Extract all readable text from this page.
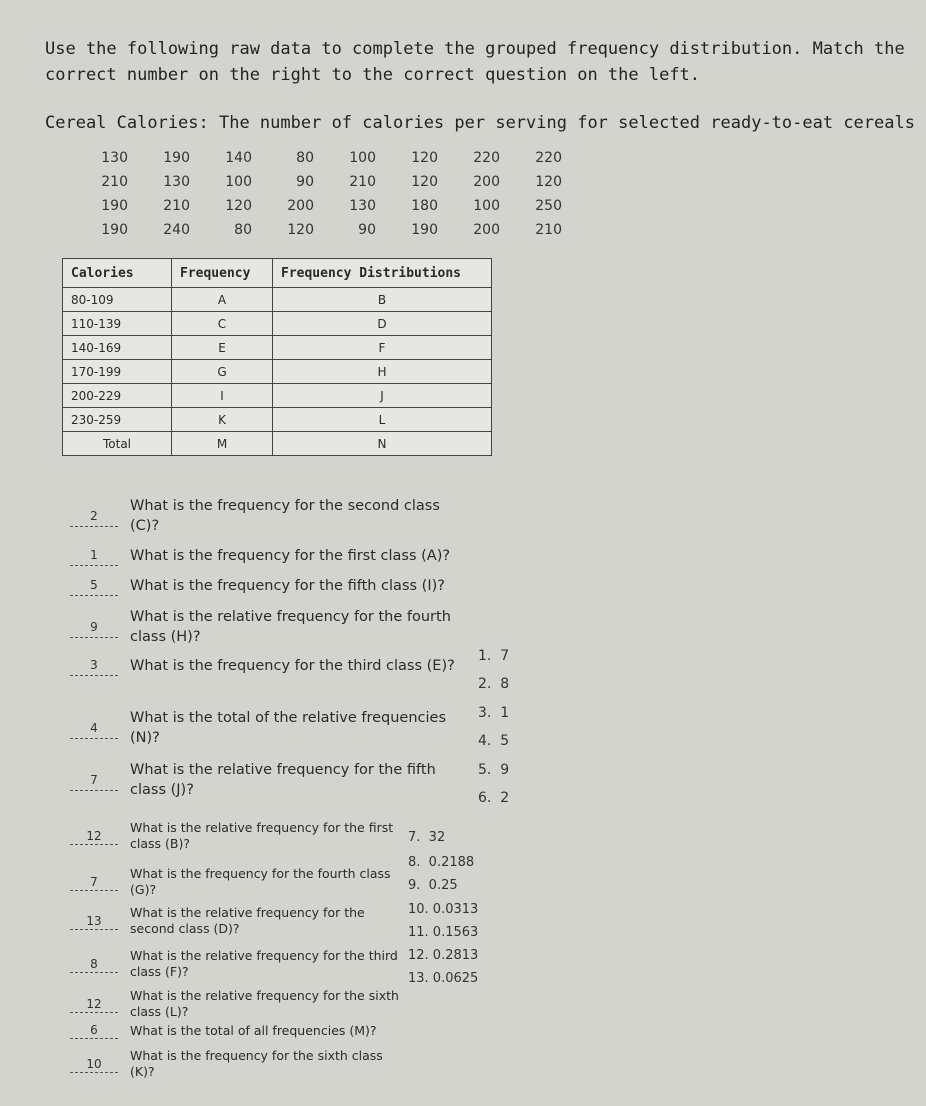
Use the following raw data to complete the grouped frequency distribution. Match the correct number on the right to the correct question on the left.
Cereal Calories: The number of calories per serving for selected ready-to-eat cereals
130	190	140	80	100	120	220	220
210	130	100	90	210	120	200	120
190	210	120	200	130	180	100	250
190	240	80	120	90	190	200	210
Calories	Frequency	Frequency Distributions
80-109	A	B
110-139	C	D
140-169	E	F
170-199	G	H
200-229	I	J
230-259	K	L
Total	M	N
2
What is the frequency for the second class (C)?
1	What is the frequency for the first class (A)?
5	What is the frequency for the fifth class (I)?
9
What is the relative frequency for the fourth class (H)?
3	What is the frequency for the third class (E)?
4
What is the total of the relative frequencies (N)?
7
What is the relative frequency for the fifth class (J)?
12
What is the relative frequency for the first class (B)?
7
What is the frequency for the fourth class (G)?
13
What is the relative frequency for the second class (D)?
8
What is the relative frequency for the third class (F)?
12
What is the relative frequency for the sixth class (L)?
6	What is the total of all frequencies (M)?
10
What is the frequency for the sixth class (K)?
1.  7
2.  8
3.  1
4.  5
5.  9
6.  2
7.  32
8.  0.2188
9.  0.25
10. 0.0313
11. 0.1563
12. 0.2813
13. 0.0625
